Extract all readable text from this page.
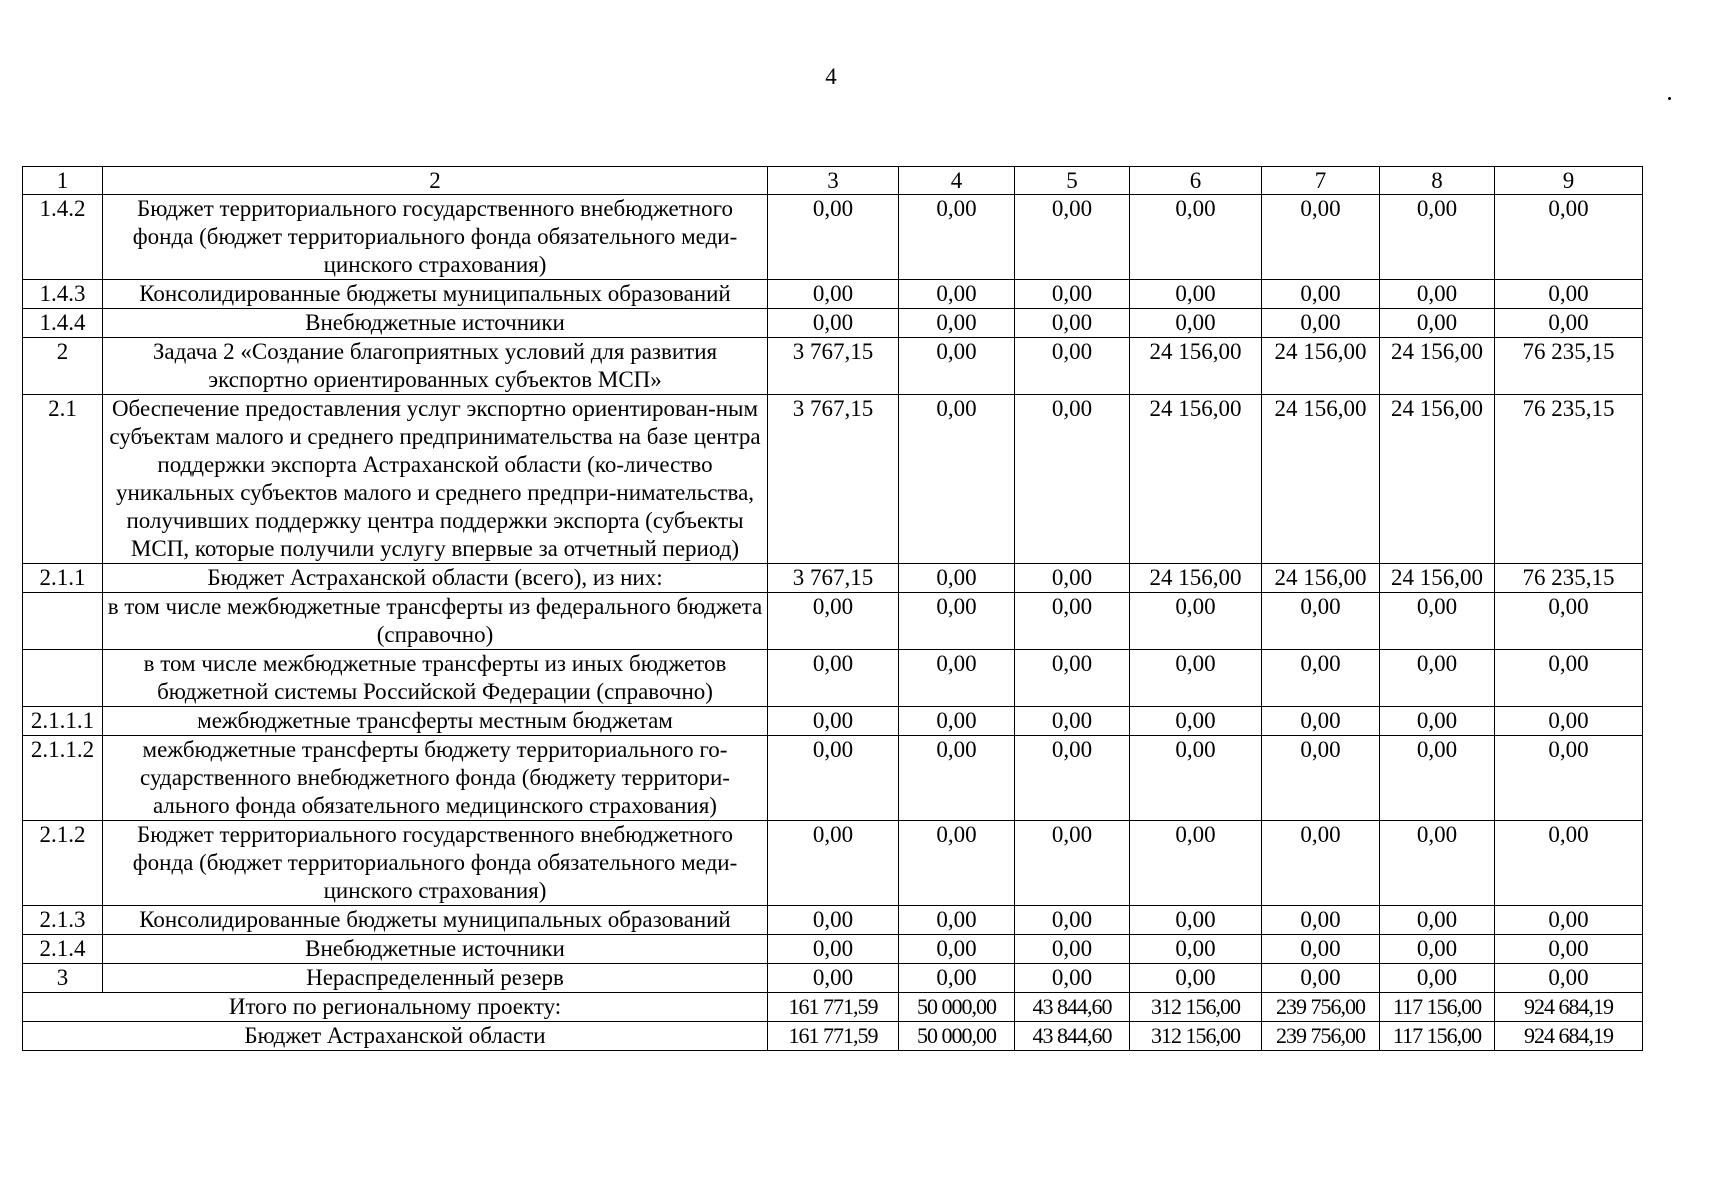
4
1	2	3	4	5	6	7	8	9
1.4.2	Бюджет территориального государственного внебюджетного фонда (бюджет территориального фонда обязательного меди-цинского страхования)	0,00	0,00	0,00	0,00	0,00	0,00	0,00
1.4.3	Консолидированные бюджеты муниципальных образований	0,00	0,00	0,00	0,00	0,00	0,00	0,00
1.4.4	Внебюджетные источники	0,00	0,00	0,00	0,00	0,00	0,00	0,00
2	Задача 2 «Создание благоприятных условий для развития экспортно ориентированных субъектов МСП»	3 767,15	0,00	0,00	24 156,00	24 156,00	24 156,00	76 235,15
2.1	Обеспечение предоставления услуг экспортно ориентирован-ным субъектам малого и среднего предпринимательства на базе центра поддержки экспорта Астраханской области (ко-личество уникальных субъектов малого и среднего предпри-нимательства, получивших поддержку центра поддержки экспорта (субъекты МСП, которые получили услугу впервые за отчетный период)	3 767,15	0,00	0,00	24 156,00	24 156,00	24 156,00	76 235,15
2.1.1	Бюджет Астраханской области (всего), из них:	3 767,15	0,00	0,00	24 156,00	24 156,00	24 156,00	76 235,15
	в том числе межбюджетные трансферты из федерального бюджета (справочно)	0,00	0,00	0,00	0,00	0,00	0,00	0,00
	в том числе межбюджетные трансферты из иных бюджетов бюджетной системы Российской Федерации (справочно)	0,00	0,00	0,00	0,00	0,00	0,00	0,00
2.1.1.1	межбюджетные трансферты местным бюджетам	0,00	0,00	0,00	0,00	0,00	0,00	0,00
2.1.1.2	межбюджетные трансферты бюджету территориального го-сударственного внебюджетного фонда (бюджету территори-ального фонда обязательного медицинского страхования)	0,00	0,00	0,00	0,00	0,00	0,00	0,00
2.1.2	Бюджет территориального государственного внебюджетного фонда (бюджет территориального фонда обязательного меди-цинского страхования)	0,00	0,00	0,00	0,00	0,00	0,00	0,00
2.1.3	Консолидированные бюджеты муниципальных образований	0,00	0,00	0,00	0,00	0,00	0,00	0,00
2.1.4	Внебюджетные источники	0,00	0,00	0,00	0,00	0,00	0,00	0,00
3	Нераспределенный резерв	0,00	0,00	0,00	0,00	0,00	0,00	0,00
Итого по региональному проекту:		161 771,59	50 000,00	43 844,60	312 156,00	239 756,00	117 156,00	924 684,19
Бюджет Астраханской области		161 771,59	50 000,00	43 844,60	312 156,00	239 756,00	117 156,00	924 684,19
